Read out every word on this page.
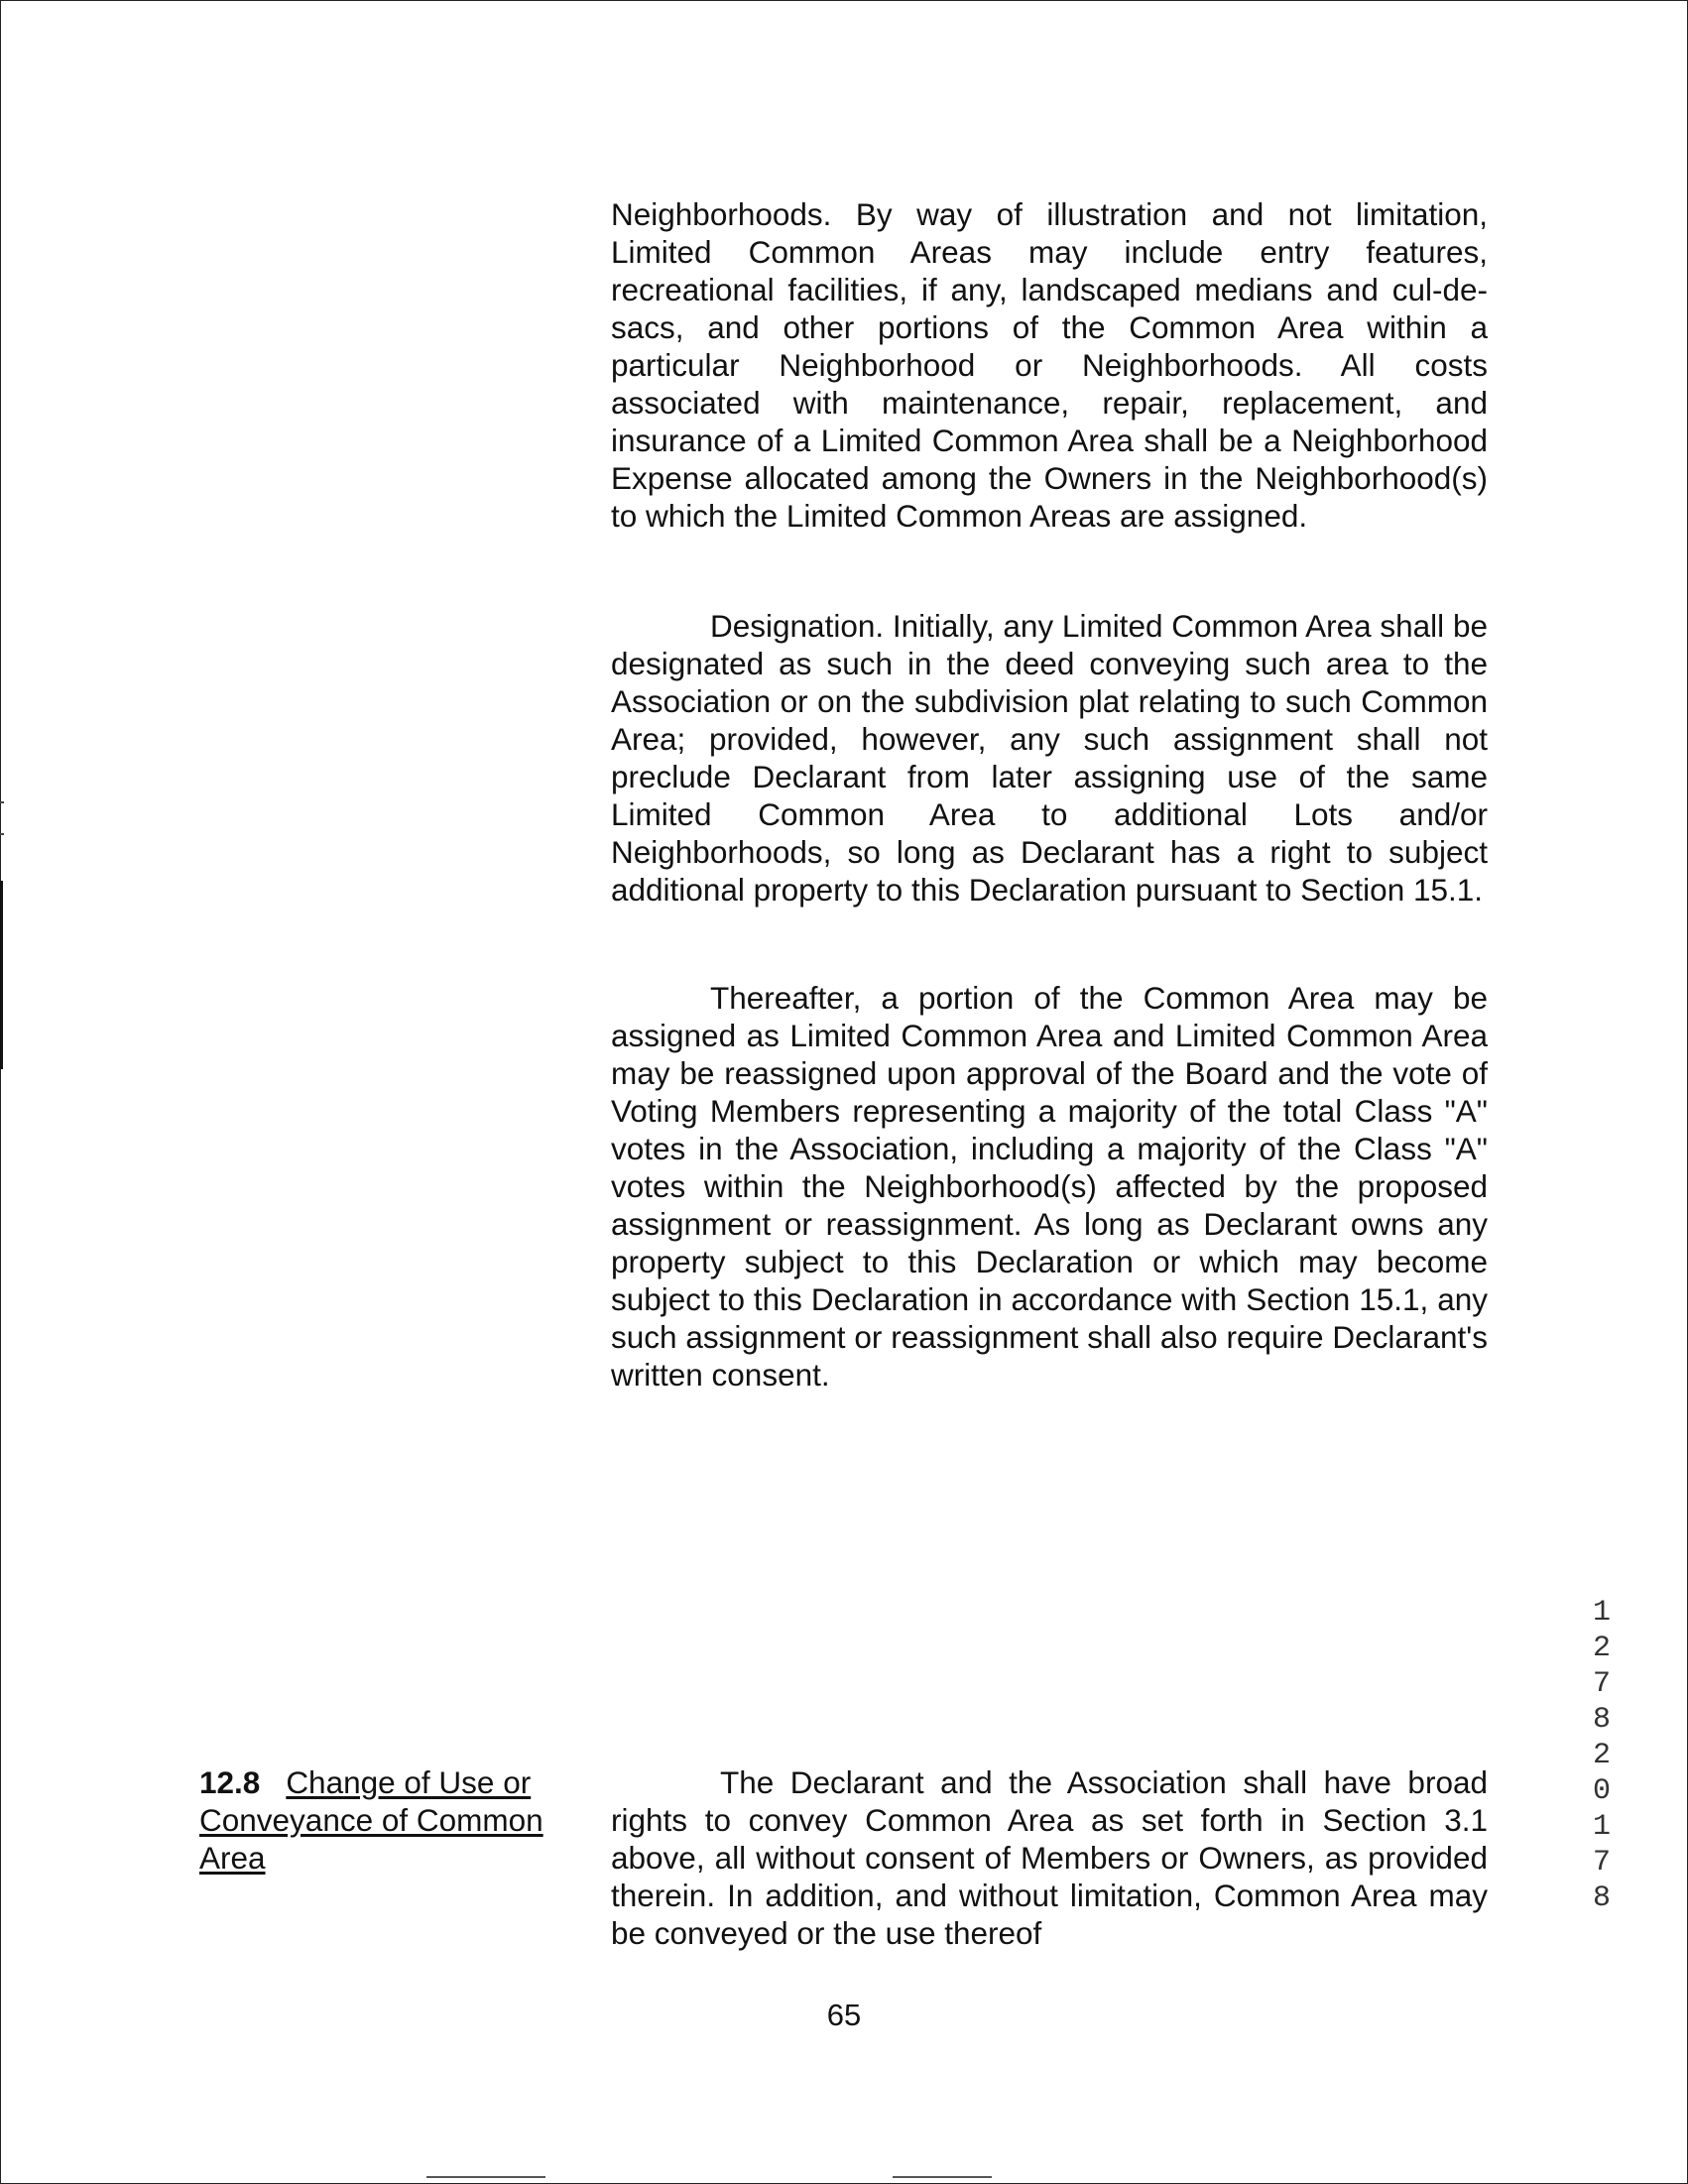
Neighborhoods. By way of illustration and not limitation, Limited Common Areas may include entry features, recreational facilities, if any, landscaped medians and cul-de-sacs, and other portions of the Common Area within a particular Neighborhood or Neighborhoods. All costs associated with maintenance, repair, replacement, and insurance of a Limited Common Area shall be a Neighborhood Expense allocated among the Owners in the Neighborhood(s) to which the Limited Common Areas are assigned.

Designation. Initially, any Limited Common Area shall be designated as such in the deed conveying such area to the Association or on the subdivision plat relating to such Common Area; provided, however, any such assignment shall not preclude Declarant from later assigning use of the same Limited Common Area to additional Lots and/or Neighborhoods, so long as Declarant has a right to subject additional property to this Declaration pursuant to Section 15.1.

Thereafter, a portion of the Common Area may be assigned as Limited Common Area and Limited Common Area may be reassigned upon approval of the Board and the vote of Voting Members representing a majority of the total Class "A" votes in the Association, including a majority of the Class "A" votes within the Neighborhood(s) affected by the proposed assignment or reassignment. As long as Declarant owns any property subject to this Declaration or which may become subject to this Declaration in accordance with Section 15.1, any such assignment or reassignment shall also require Declarant's written consent.

12.8 Change of Use or Conveyance of Common Area

The Declarant and the Association shall have broad rights to convey Common Area as set forth in Section 3.1 above, all without consent of Members or Owners, as provided therein. In addition, and without limitation, Common Area may be conveyed or the use thereof

65
12782 0178
